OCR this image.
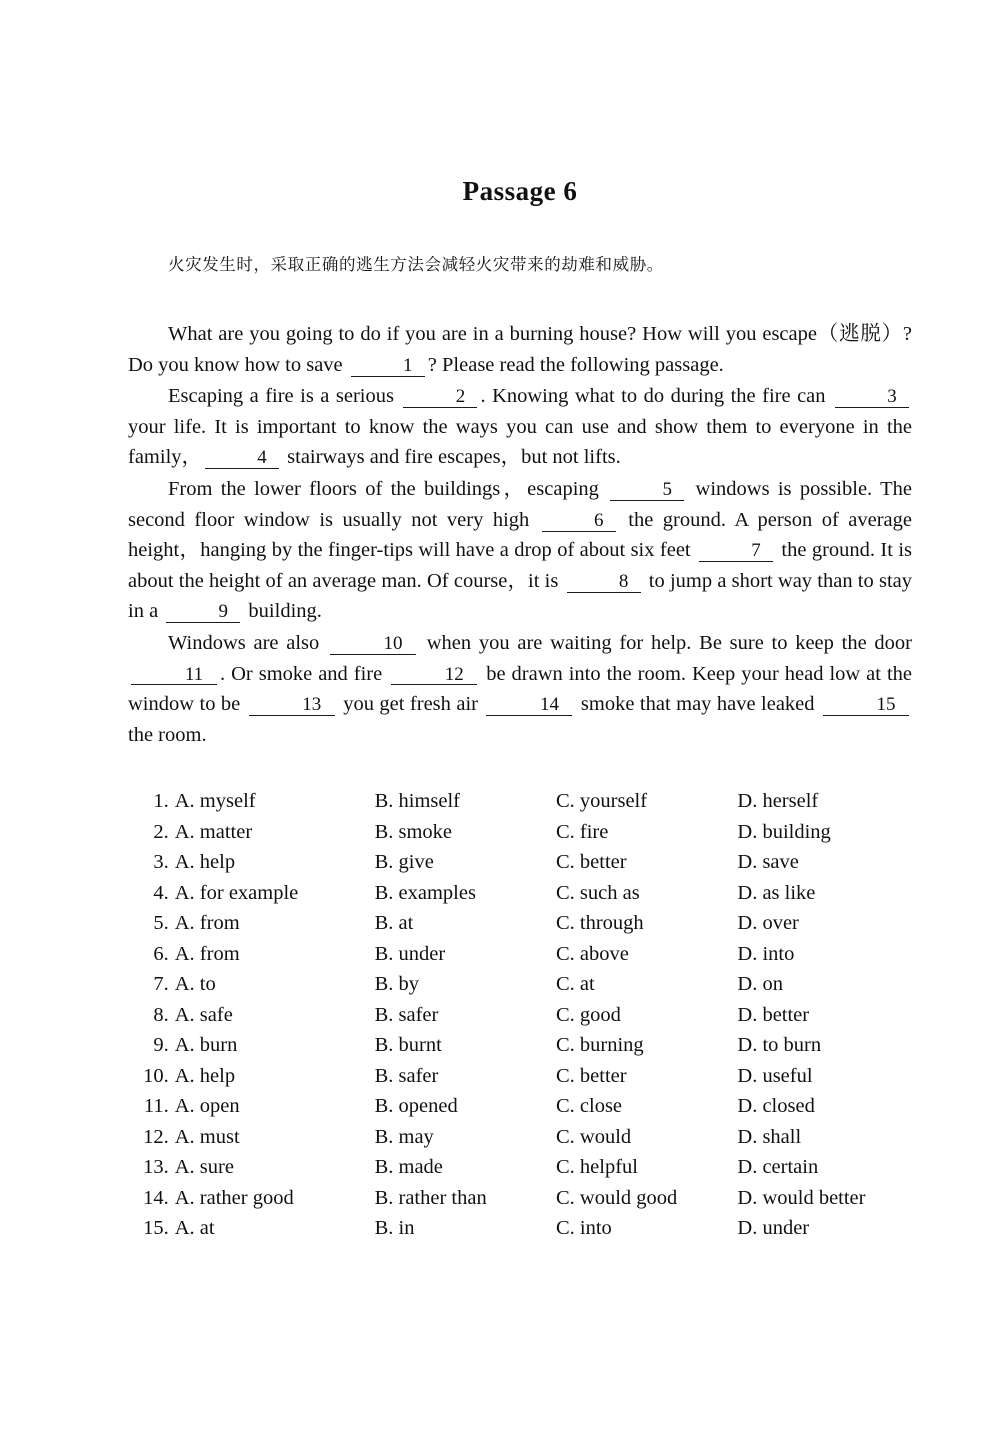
Passage 6
火灾发生时，采取正确的逃生方法会减轻火灾带来的劫难和威胁。
What are you going to do if you are in a burning house? How will you escape（逃脱）? Do you know how to save	1 ? Please read the following passage.
Escaping a fire is a serious	2 . Knowing what to do during the fire can	3 your life. It is important to know the ways you can use and show them to everyone in the family，	4 stairways and fire escapes，but not lifts.
From the lower floors of the buildings，escaping	5 windows is possible. The second floor window is usually not very high	6 the ground. A person of average height，hanging by the finger-tips will have a drop of about six feet	7 the ground. It is about the height of an average man. Of course，it is	8 to jump a short way than to stay in a	9 building.
Windows are also	10 when you are waiting for help. Be sure to keep the door 11 . Or smoke and fire	12 be drawn into the room. Keep your head low at the window to be	13 you get fresh air	14 smoke that may have leaked	15 the room.
1. A. myself	B. himself	C. yourself	D. herself
2. A. matter	B. smoke	C. fire	D. building
3. A. help	B. give	C. better	D. save
4. A. for example	B. examples	C. such as	D. as like
5. A. from	B. at	C. through	D. over
6. A. from	B. under	C. above	D. into
7. A. to	B. by	C. at	D. on
8. A. safe	B. safer	C. good	D. better
9. A. burn	B. burnt	C. burning	D. to burn
10. A. help	B. safer	C. better	D. useful
11. A. open	B. opened	C. close	D. closed
12. A. must	B. may	C. would	D. shall
13. A. sure	B. made	C. helpful	D. certain
14. A. rather good	B. rather than	C. would good	D. would better
15. A. at	B. in	C. into	D. under
